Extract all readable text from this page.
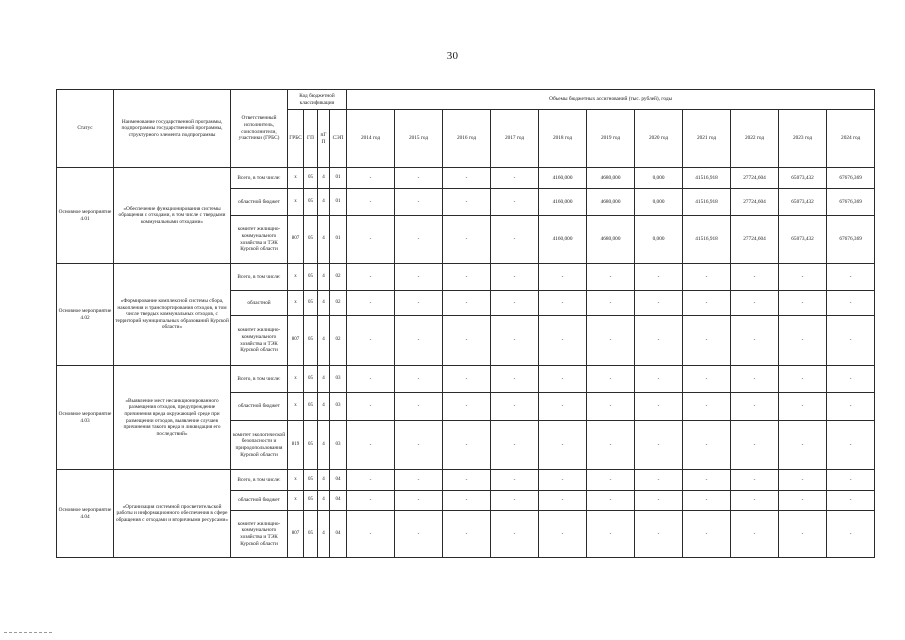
30
Статус	Наименование государственной программы, подпрограммы государственной программы, структурного элемента подпрограммы	Ответственный исполнитель, соисполнители, участники (ГРБС)	Код бюджетной классификации				Объемы бюджетных ассигнований (тыс. рублей), годы										
			ГРБС	ГП	пГП	СЭП	2014 год	2015 год	2016 год	2017 год	2018 год	2019 год	2020 год	2021 год	2022 год	2023 год	2024 год
Основное мероприятие 4.01	«Обеспечение функционирования системы обращения с отходами, в том числе с твердыми коммунальными отходами»	Всего, в том числе:	х	05	4	01	-	-	-	-	4160,000	4680,000	0,000	41516,918	27724,604	65073,432	67676,369
		областной бюджет	х	05	4	01	-	-	-	-	4160,000	4680,000	0,000	41516,918	27724,604	65073,432	67676,369
		комитет жилищно-коммунального хозяйства и ТЭК Курской области	807	05	4	01	-	-	-	-	4160,000	4680,000	0,000	41516,918	27724,604	65073,432	67676,369
Основное мероприятие 4.02	«Формирование комплексной системы сбора, накопления и транспортирования отходов, в том числе твердых коммунальных отходов, с территорий муниципальных образований Курской области»	Всего, в том числе:	х	05	4	02	-	-	-	-	-	-	-	-	-	-	-
		областной	х	05	4	02	-	-	-	-	-	-	-	-	-	-	-
		комитет жилищно-коммунального хозяйства и ТЭК Курской области	807	05	4	02	-	-	-	-	-	-	-	-	-	-	-
Основное мероприятие 4.03	«Выявление мест несанкционированного размещения отходов, предупреждение причинения вреда окружающей среде при размещении отходов, выявление случаев причинения такого вреда и ликвидация его последствий»	Всего, в том числе:	х	05	4	03	-	-	-	-	-	-	-	-	-	-	-
		областной бюджет	х	05	4	03	-	-	-	-	-	-	-	-	-	-	-
		комитет экологической безопасности и природопользования Курской области	819	05	4	03	-	-	-	-	-	-	-	-	-	-	-
Основное мероприятие 4.04	«Организация системной просветительской работы и информационного обеспечения в сфере обращения с отходами и вторичными ресурсами»	Всего, в том числе:	х	05	4	04	-	-	-	-	-	-	-	-	-	-	-
		областной бюджет	х	05	4	04	-	-	-	-	-	-	-	-	-	-	-
		комитет жилищно-коммунального хозяйства и ТЭК Курской области	807	05	4	04	-	-	-	-	-	-	-	-	-	-	-
